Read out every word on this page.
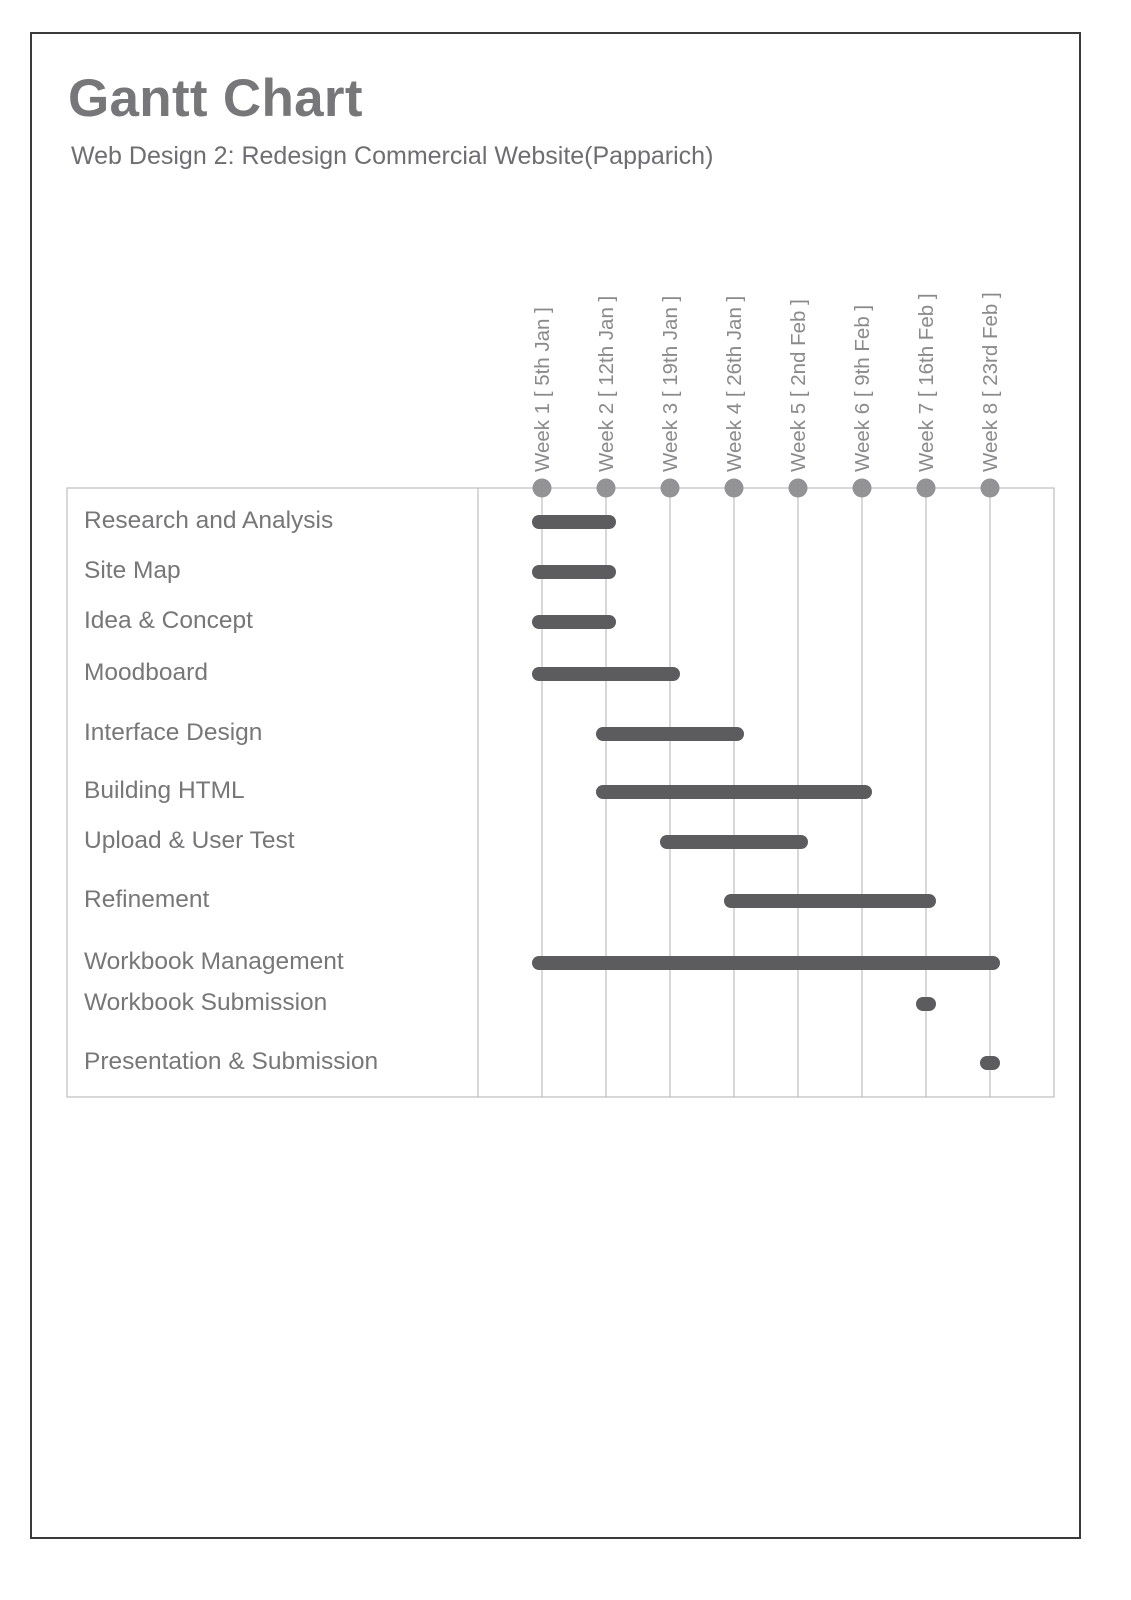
Gantt Chart

Web Design 2: Redesign Commercial Website(Papparich)

Week 1 [ 5th Jan ] Week 2 [ 12th Jan ] Week 3 [ 19th Jan ] Week 4 [ 26th Jan ] Week 5 [ 2nd Feb ] Week 6 [ 9th Feb ] Week 7 [ 16th Feb ] Week 8 [ 23rd Feb ]
Research and Analysis
Site Map
Idea & Concept
Moodboard
Interface Design
Building HTML
Upload & User Test
Refinement
Workbook Management
Workbook Submission
Presentation & Submission
